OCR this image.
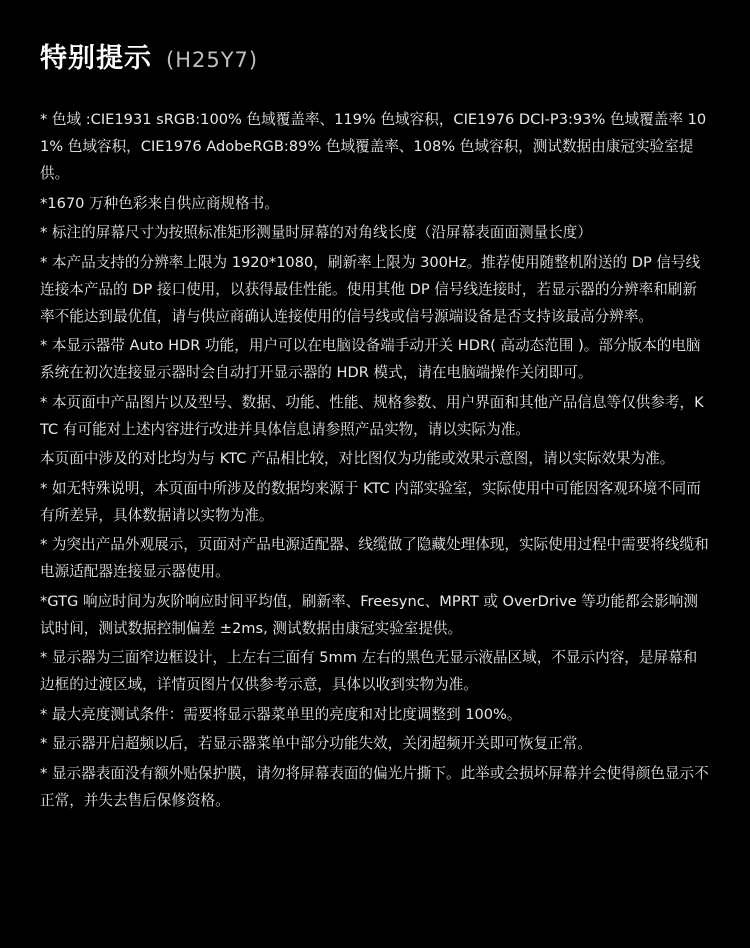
特别提示 (H25Y7)

* 色域 :CIE1931 sRGB:100% 色域覆盖率、119% 色域容积，CIE1976 DCI-P3:93% 色域覆盖率 101% 色域容积，CIE1976 AdobeRGB:89% 色域覆盖率、108% 色域容积，测试数据由康冠实验室提供。

*1670 万种色彩来自供应商规格书。

* 标注的屏幕尺寸为按照标准矩形测量时屏幕的对角线长度（沿屏幕表面面测量长度）

* 本产品支持的分辨率上限为 1920*1080，刷新率上限为 300Hz。推荐使用随整机附送的 DP 信号线连接本产品的 DP 接口使用，以获得最佳性能。使用其他 DP 信号线连接时，若显示器的分辨率和刷新率不能达到最优值，请与供应商确认连接使用的信号线或信号源端设备是否支持该最高分辨率。

* 本显示器带 Auto HDR 功能，用户可以在电脑设备端手动开关 HDR( 高动态范围 )。部分版本的电脑系统在初次连接显示器时会自动打开显示器的 HDR 模式，请在电脑端操作关闭即可。

* 本页面中产品图片以及型号、数据、功能、性能、规格参数、用户界面和其他产品信息等仅供参考，KTC 有可能对上述内容进行改进并具体信息请参照产品实物，请以实际为准。

本页面中涉及的对比均为与 KTC 产品相比较，对比图仅为功能或效果示意图，请以实际效果为准。

* 如无特殊说明，本页面中所涉及的数据均来源于 KTC 内部实验室，实际使用中可能因客观环境不同而有所差异，具体数据请以实物为准。

* 为突出产品外观展示，页面对产品电源适配器、线缆做了隐藏处理体现，实际使用过程中需要将线缆和电源适配器连接显示器使用。

*GTG 响应时间为灰阶响应时间平均值，刷新率、Freesync、MPRT 或 OverDrive 等功能都会影响测试时间，测试数据控制偏差 ±2ms, 测试数据由康冠实验室提供。

* 显示器为三面窄边框设计，上左右三面有 5mm 左右的黑色无显示液晶区域，不显示内容，是屏幕和边框的过渡区域，详情页图片仅供参考示意，具体以收到实物为准。

* 最大亮度测试条件：需要将显示器菜单里的亮度和对比度调整到 100%。

* 显示器开启超频以后，若显示器菜单中部分功能失效，关闭超频开关即可恢复正常。

* 显示器表面没有额外贴保护膜，请勿将屏幕表面的偏光片撕下。此举或会损坏屏幕并会使得颜色显示不正常，并失去售后保修资格。
